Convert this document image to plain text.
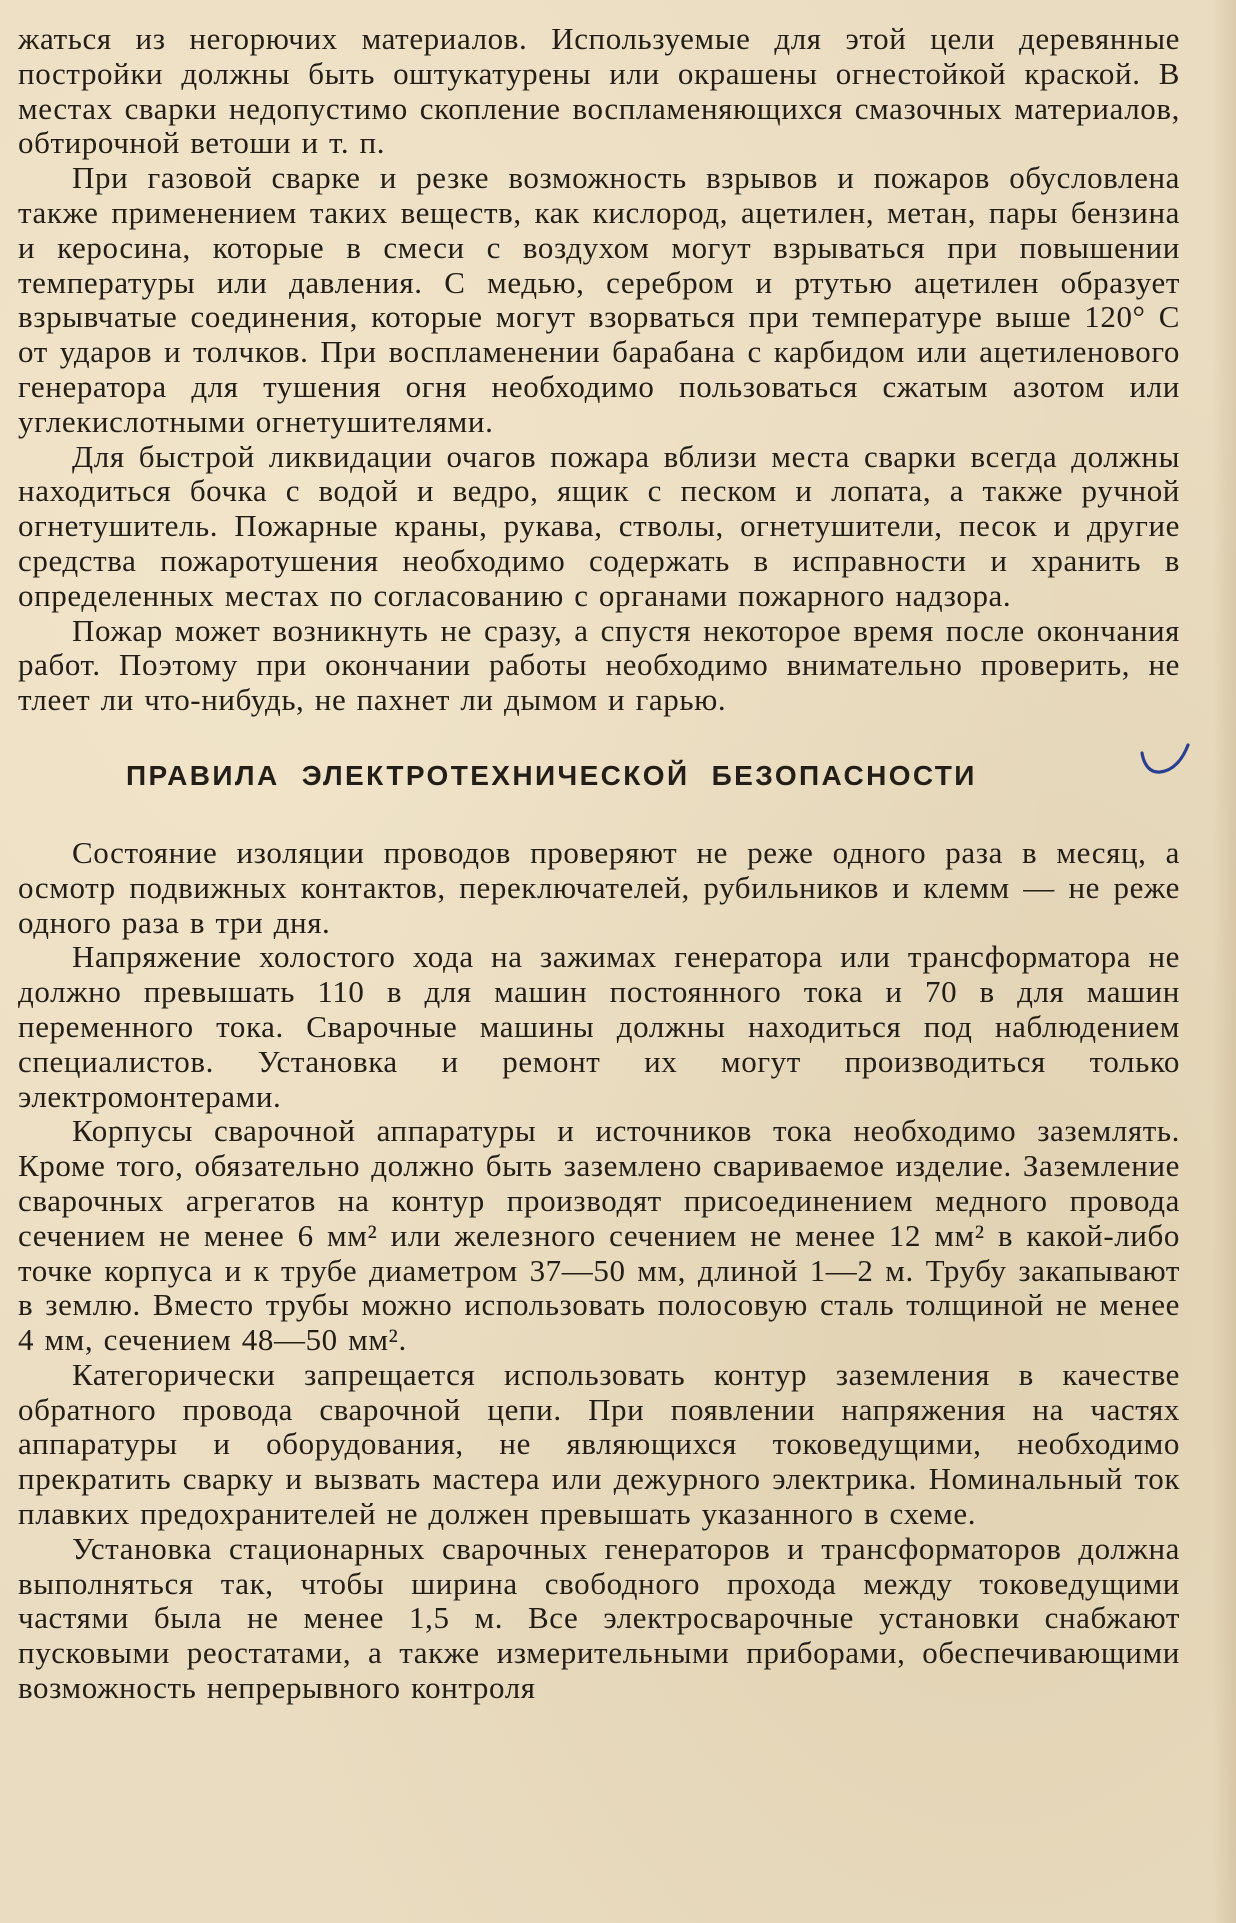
жаться из негорючих материалов. Используемые для этой цели деревянные постройки должны быть оштукатурены или окрашены огнестойкой краской. В местах сварки недопустимо скопление воспламеняющихся смазочных материалов, обтирочной ветоши и т. п.

При газовой сварке и резке возможность взрывов и пожаров обусловлена также применением таких веществ, как кислород, ацетилен, метан, пары бензина и керосина, которые в смеси с воздухом могут взрываться при повышении температуры или давления. С медью, серебром и ртутью ацетилен образует взрывчатые соединения, которые могут взорваться при температуре выше 120° С от ударов и толчков. При воспламенении барабана с карбидом или ацетиленового генератора для тушения огня необходимо пользоваться сжатым азотом или углекислотными огнетушителями.

Для быстрой ликвидации очагов пожара вблизи места сварки всегда должны находиться бочка с водой и ведро, ящик с песком и лопата, а также ручной огнетушитель. Пожарные краны, рукава, стволы, огнетушители, песок и другие средства пожаротушения необходимо содержать в исправности и хранить в определенных местах по согласованию с органами пожарного надзора.

Пожар может возникнуть не сразу, а спустя некоторое время после окончания работ. Поэтому при окончании работы необходимо внимательно проверить, не тлеет ли что-нибудь, не пахнет ли дымом и гарью.

ПРАВИЛА ЭЛЕКТРОТЕХНИЧЕСКОЙ БЕЗОПАСНОСТИ

Состояние изоляции проводов проверяют не реже одного раза в месяц, а осмотр подвижных контактов, переключателей, рубильников и клемм — не реже одного раза в три дня.

Напряжение холостого хода на зажимах генератора или трансформатора не должно превышать 110 в для машин постоянного тока и 70 в для машин переменного тока. Сварочные машины должны находиться под наблюдением специалистов. Установка и ремонт их могут производиться только электромонтерами.

Корпусы сварочной аппаратуры и источников тока необходимо заземлять. Кроме того, обязательно должно быть заземлено свариваемое изделие. Заземление сварочных агрегатов на контур производят присоединением медного провода сечением не менее 6 мм² или железного сечением не менее 12 мм² в какой-либо точке корпуса и к трубе диаметром 37—50 мм, длиной 1—2 м. Трубу закапывают в землю. Вместо трубы можно использовать полосовую сталь толщиной не менее 4 мм, сечением 48—50 мм².

Категорически запрещается использовать контур заземления в качестве обратного провода сварочной цепи. При появлении напряжения на частях аппаратуры и оборудования, не являющихся токоведущими, необходимо прекратить сварку и вызвать мастера или дежурного электрика. Номинальный ток плавких предохранителей не должен превышать указанного в схеме.

Установка стационарных сварочных генераторов и трансформаторов должна выполняться так, чтобы ширина свободного прохода между токоведущими частями была не менее 1,5 м. Все электросварочные установки снабжают пусковыми реостатами, а также измерительными приборами, обеспечивающими возможность непрерывного контроля
